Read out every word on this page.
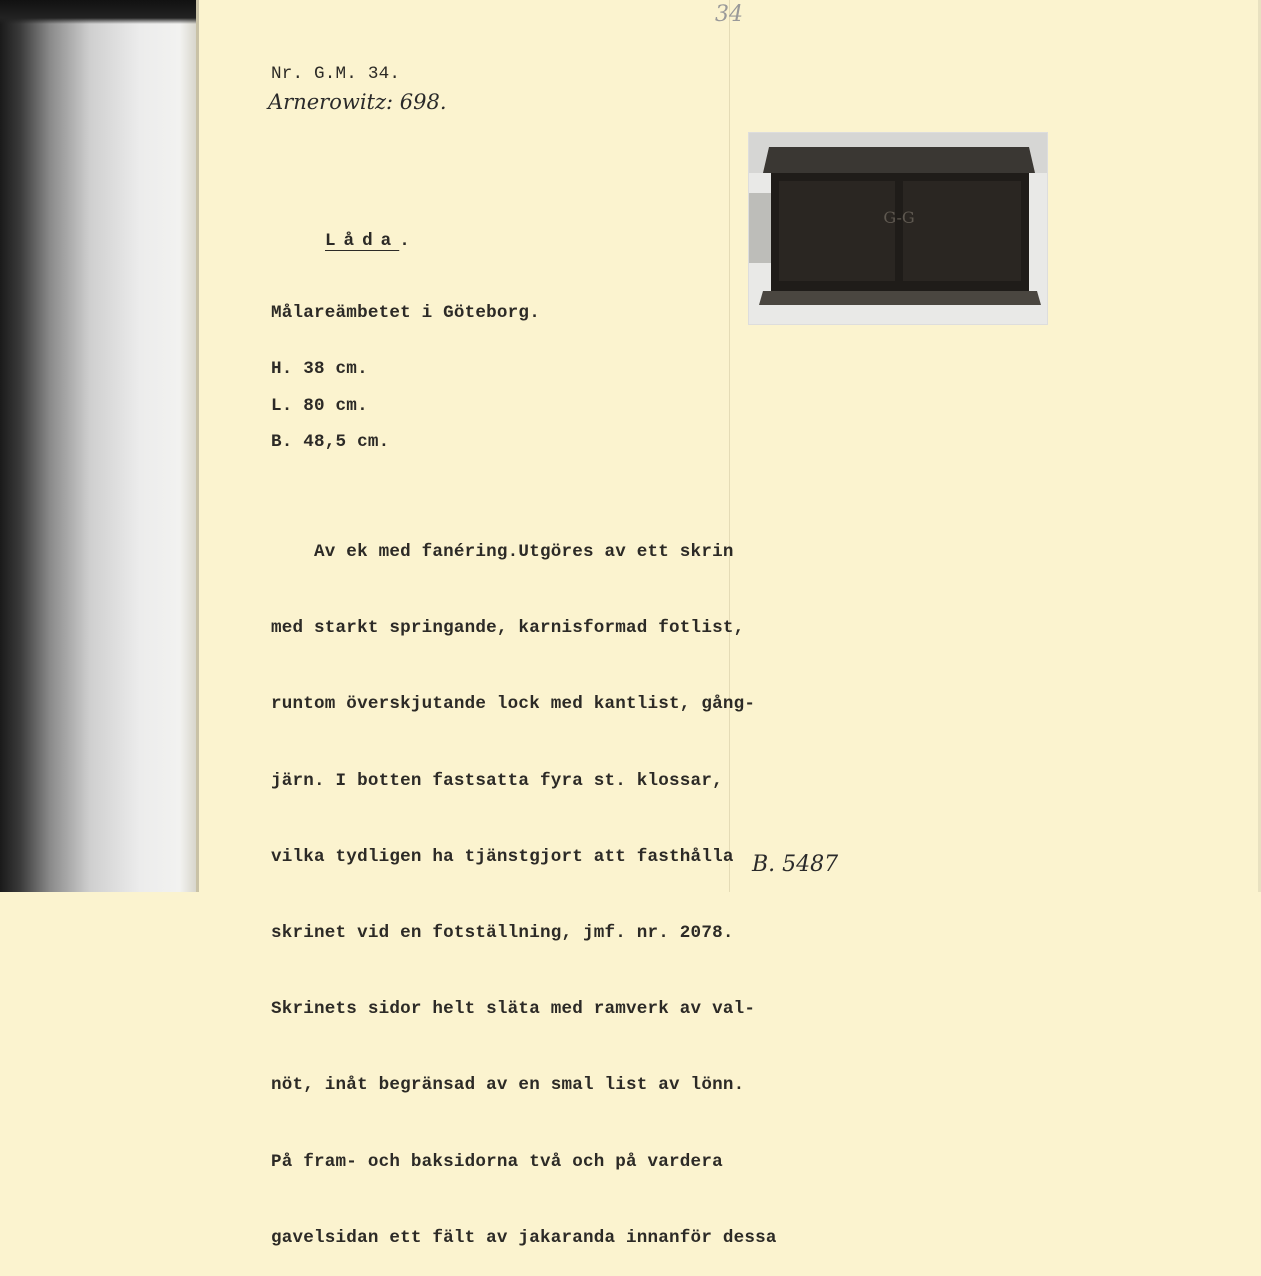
34
Nr. G.M. 34.
Arnerowitz: 698.
Låda.
Målareämbetet i Göteborg.
H. 38 cm.
L. 80 cm.
B. 48,5 cm.

Av ek med fanéring.Utgöres av ett skrin

med starkt springande, karnisformad fotlist,

runtom överskjutande lock med kantlist, gång-

järn. I botten fastsatta fyra st. klossar,

vilka tydligen ha tjänstgjort att fasthålla

skrinet vid en fotställning, jmf. nr. 2078.

Skrinets sidor helt släta med ramverk av val-

nöt, inåt begränsad av en smal list av lönn.

På fram- och baksidorna två och på vardera

gavelsidan ett fält av jakaranda innanför dessa

G-G
B. 5487
